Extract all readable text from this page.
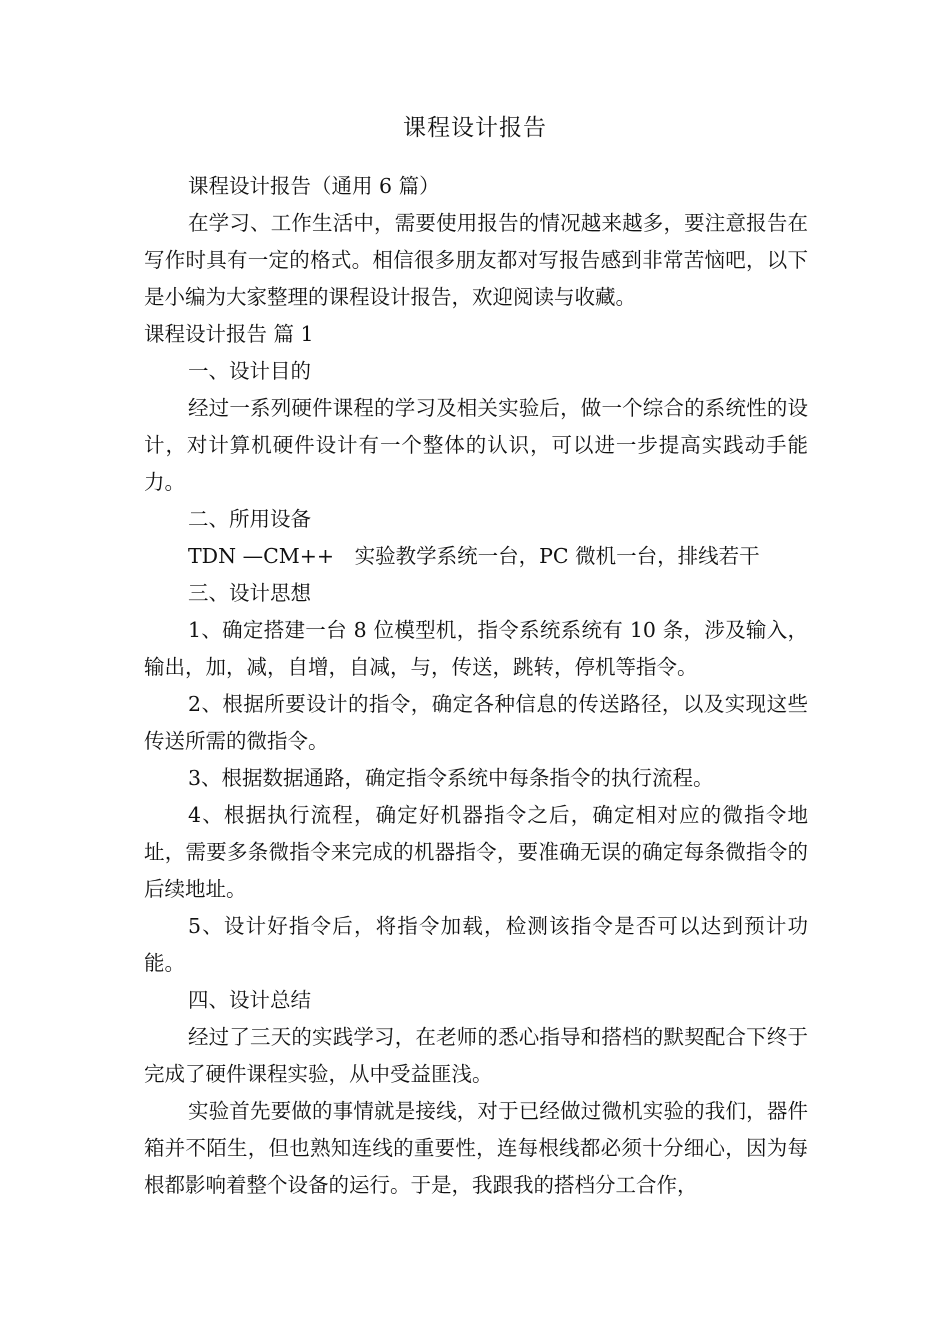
课程设计报告

课程设计报告（通用 6 篇）

在学习、工作生活中，需要使用报告的情况越来越多，要注意报告在写作时具有一定的格式。相信很多朋友都对写报告感到非常苦恼吧，以下是小编为大家整理的课程设计报告，欢迎阅读与收藏。

课程设计报告 篇 1

一、设计目的

经过一系列硬件课程的学习及相关实验后，做一个综合的系统性的设计，对计算机硬件设计有一个整体的认识，可以进一步提高实践动手能力。

二、所用设备

TDN —CM++　实验教学系统一台，PC 微机一台，排线若干

三、设计思想

1、确定搭建一台 8 位模型机，指令系统系统有 10 条，涉及输入，输出，加，减，自增，自减，与，传送，跳转，停机等指令。

2、根据所要设计的指令，确定各种信息的传送路径，以及实现这些传送所需的微指令。

3、根据数据通路，确定指令系统中每条指令的执行流程。

4、根据执行流程，确定好机器指令之后，确定相对应的微指令地址，需要多条微指令来完成的机器指令，要准确无误的确定每条微指令的后续地址。

5、设计好指令后，将指令加载，检测该指令是否可以达到预计功能。

四、设计总结

经过了三天的实践学习，在老师的悉心指导和搭档的默契配合下终于完成了硬件课程实验，从中受益匪浅。

实验首先要做的事情就是接线，对于已经做过微机实验的我们，器件箱并不陌生，但也熟知连线的重要性，连每根线都必须十分细心，因为每根都影响着整个设备的运行。于是，我跟我的搭档分工合作，
